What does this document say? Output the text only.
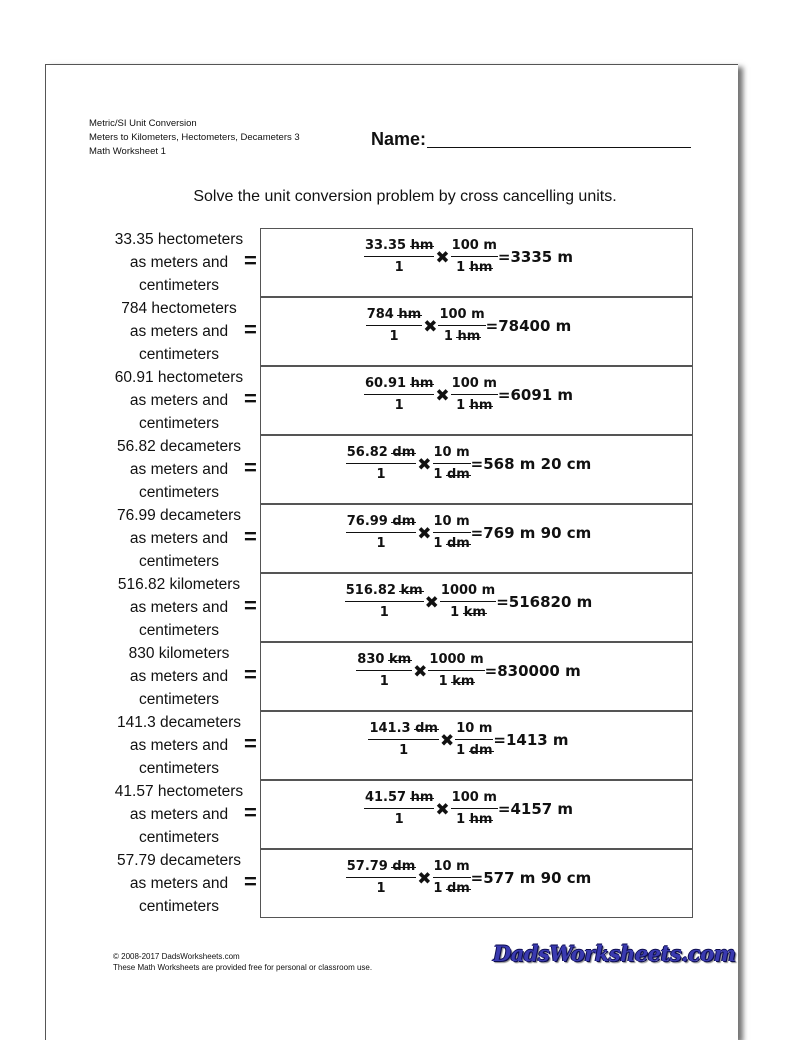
Metric/SI Unit Conversion
Meters to Kilometers, Hectometers, Decameters 3
Math Worksheet 1
Name:
Solve the unit conversion problem by cross cancelling units.
33.35 hectometers
as meters and
centimeters
=	$\frac{33.35 hm}{1}$ ✖ $\frac{100 m}{1 hm} =3335$ m
784 hectometers
as meters and
centimeters
=	$\frac{784 hm}{1}$ ✖ $\frac{100 m}{1 hm} =78400$ m
60.91 hectometers
as meters and
centimeters
=	$\frac{60.91 hm}{1}$ ✖ $\frac{100 m}{1 hm} =6091$ m
56.82 decameters
as meters and
centimeters
=	$\frac{56.82 dm}{1}$ ✖ $\frac{10 m}{1 dm} =568$ m 20 cm
76.99 decameters
as meters and
centimeters
=	$\frac{76.99 dm}{1}$ ✖ $\frac{10 m}{1 dm} =769$ m 90 cm
516.82 kilometers
as meters and
centimeters
=	$\frac{516.82 km}{1}$ ✖ $\frac{1000 m}{1 km} =516820$ m
830 kilometers
as meters and
centimeters
=	$\frac{830 km}{1}$ ✖ $\frac{1000 m}{1 km} =830000$ m
141.3 decameters
as meters and
centimeters
=	$\frac{141.3 dm}{1}$ ✖ $\frac{10 m}{1 dm} =1413$ m
41.57 hectometers
as meters and
centimeters
=	$\frac{41.57 hm}{1}$ ✖ $\frac{100 m}{1 hm} =4157$ m
57.79 decameters
as meters and
centimeters
=	$\frac{57.79 dm}{1}$ ✖ $\frac{10 m}{1 dm} =577$ m 90 cm
© 2008-2017 DadsWorksheets.com
These Math Worksheets are provided free for personal or classroom use.
DadsWorksheets.com
